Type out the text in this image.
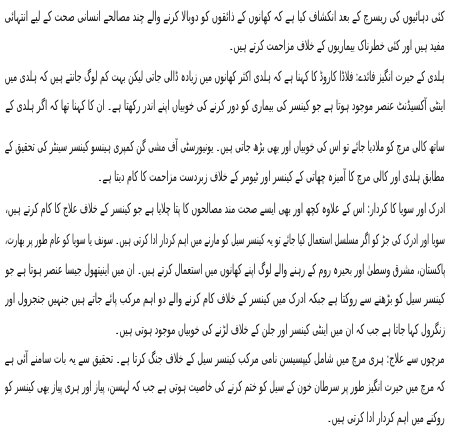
کئی دہائیوں کی ریسرچ کے بعد انکشاف کیا ہے کہ کھانوں کے ذائقوں کو دوبالا کرنے والے چند مصالحے انسانی صحت کے لیے انتہائی
مفید ہیں اور کئی خطرناک بیماریوں کے خلاف مزاحمت کرتے ہیں۔
ہلدی کے حیرت انگیز فائدے: فلاڈا کاروڈ کا کہنا ہے کہ ہلدی اکثر کھانوں میں زیادہ ڈالی جاتی لیکن بہت کم لوگ جانتے ہیں کہ ہلدی میں
اینٹی آکسیڈنٹ عنصر موجود ہوتا ہے جو کینسر کی بیماری کو دور کرنے کی خوبیاں اپنے اندر رکھتا ہے۔ ان کا کہنا تھا کہ اگر ہلدی کے
ساتھ کالی مرچ کو ملادیا جائے تو اس کی خوبیاں اور بھی بڑھ جاتی ہیں۔ یونیورسٹی آف مشی گن کمپری ہینسو کینسر سینٹر کی تحقیق کے
مطابق ہلدی اور کالی مرچ کا آمیزہ چھاتی کے کینسر اور ٹیومر کے خلاف زبردست مزاحمت کا کام دیتا ہے۔
ادرک اور سویا کا کردار: اس کے علاوہ کچھ اور بھی ایسے صحت مند مصالحوں کا پتا چلایا ہے جو کینسر کے خلاف علاج کا کام کرتے ہیں،
سویا اور ادرک کی جڑ کو اگر مسلسل استعمال کیا جائے تو یہ کینسر سیل کو مارنے میں اہم کردار ادا کرتی ہیں۔ سونف یا سویا کو عام طور پر بھارت،
پاکستان، مشرق وسطیٰ اور بحیرہ روم کے رہنے والے لوگ اپنے کھانوں میں استعمال کرتے ہیں۔ ان میں اینیتھول جیسا عنصر ہوتا ہے جو
کینسر سیل کو بڑھنے سے روکتا ہے جبکہ ادرک میں کینسر کے خلاف کام کرنے والے دو اہم مرکب پائے جاتے ہیں جنہیں جنجرول اور
زنگرول کہا جاتا ہے جب کہ ان میں اینٹی کینسر اور جلن کے خلاف لڑنے کی خوبیاں موجود ہوتی ہیں۔
مرچوں سے علاج: ہری مرچ میں شامل کیپسیسن نامی مرکب کینسر سیل کے خلاف جنگ کرتا ہے۔ تحقیق سے یہ بات سامنے آئی ہے
کہ مرچ میں حیرت انگیز طور پر سرطان خون کے سیل کو ختم کرنے کی خاصیت ہوتی ہے جب کہ لہسن، پیاز اور ہری پیاز بھی کینسر کو
روکنے میں اہم کردار ادا کرتی ہیں۔
